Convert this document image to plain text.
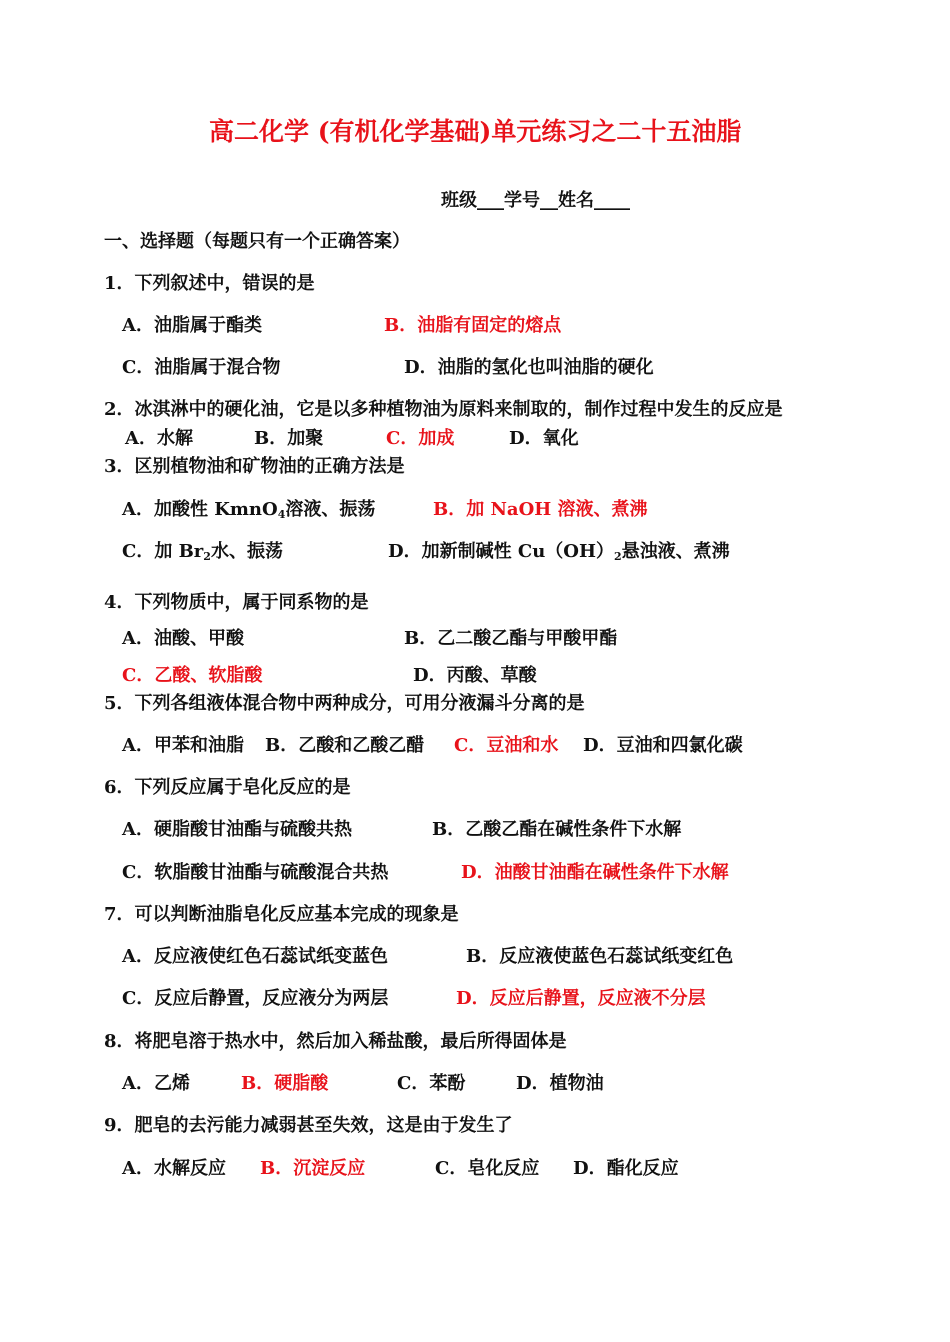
高二化学 (有机化学基础)单元练习之二十五油脂
班级___学号__姓名____
一、选择题（每题只有一个正确答案）
1．下列叙述中，错误的是
A．油脂属于酯类	B．油脂有固定的熔点
C．油脂属于混合物	D．油脂的氢化也叫油脂的硬化
2．冰淇淋中的硬化油，它是以多种植物油为原料来制取的，制作过程中发生的反应是
A．水解	B．加聚	C．加成	D．氧化
3．区别植物油和矿物油的正确方法是
A．加酸性 KmnO$_4$溶液、振荡	B．加 NaOH 溶液、煮沸
C．加 $Br_2$水、振荡	D．加新制碱性 $Cu(OH)_2$悬浊液、煮沸
4．下列物质中，属于同系物的是
A．油酸、甲酸	B．乙二酸乙酯与甲酸甲酯
C．乙酸、软脂酸	D．丙酸、草酸
5．下列各组液体混合物中两种成分，可用分液漏斗分离的是
A．甲苯和油脂 B．乙酸和乙酸乙醋 C．豆油和水 D．豆油和四氯化碳
6．下列反应属于皂化反应的是
A．硬脂酸甘油酯与硫酸共热	B．乙酸乙酯在碱性条件下水解
C．软脂酸甘油酯与硫酸混合共热	D．油酸甘油酯在碱性条件下水解
7．可以判断油脂皂化反应基本完成的现象是
A．反应液使红色石蕊试纸变蓝色	B．反应液使蓝色石蕊试纸变红色
C．反应后静置，反应液分为两层	D．反应后静置，反应液不分层
8．将肥皂溶于热水中，然后加入稀盐酸，最后所得固体是
A．乙烯	B．硬脂酸	C．苯酚	D．植物油
9．肥皂的去污能力减弱甚至失效，这是由于发生了
A．水解反应 B．沉淀反应	C．皂化反应 D．酯化反应
